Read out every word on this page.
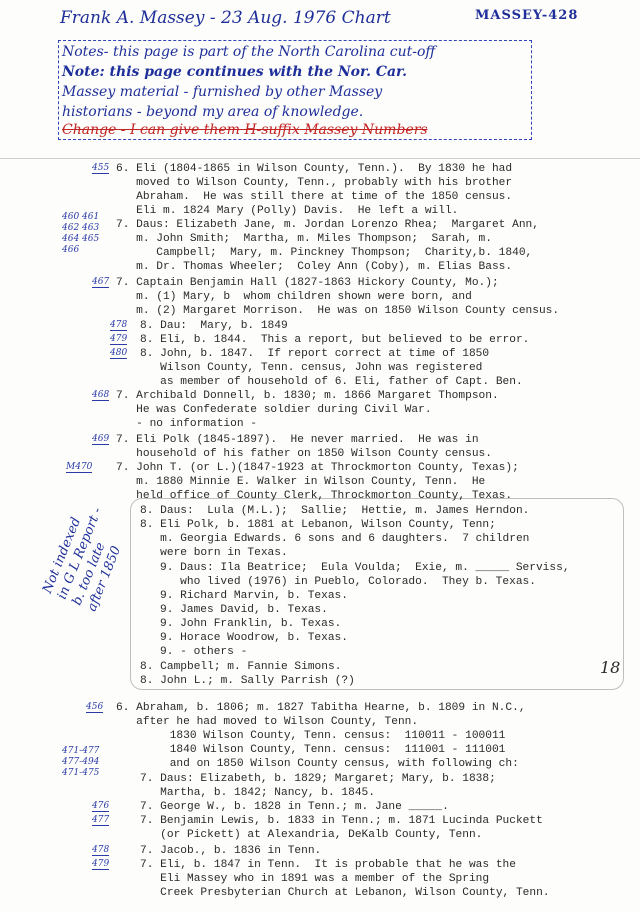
Frank A. Massey - 23 Aug. 1976 Chart	MASSEY-428
Notes- this page is part of the North Carolina cut-off
Note: this page continues with the Nor. Car.
Massey material - furnished by other Massey
historians - beyond my area of knowledge.
Change - I can give them H-suffix Massey Numbers
455
460 461
462 463
464 465
466
467
478
479
480
468
469
M470
456
471-477
477-494
471-475
476
477
478
479
Not indexed
in G L Report -
b. too late
after 1850
18
6. Eli (1804-1865 in Wilson County, Tenn.).  By 1830 he had
moved to Wilson County, Tenn., probably with his brother
Abraham.  He was still there at time of the 1850 census.
Eli m. 1824 Mary (Polly) Davis.  He left a will.
7. Daus: Elizabeth Jane, m. Jordan Lorenzo Rhea;  Margaret Ann,
m. John Smith;  Martha, m. Miles Thompson;  Sarah, m.
Campbell;  Mary, m. Pinckney Thompson;  Charity,b. 1840,
m. Dr. Thomas Wheeler;  Coley Ann (Coby), m. Elias Bass.
7. Captain Benjamin Hall (1827-1863 Hickory County, Mo.);
m. (1) Mary, b  whom children shown were born, and
m. (2) Margaret Morrison.  He was on 1850 Wilson County census.
8. Dau:  Mary, b. 1849
8. Eli, b. 1844.  This a report, but believed to be error.
8. John, b. 1847.  If report correct at time of 1850
Wilson County, Tenn. census, John was registered
as member of household of 6. Eli, father of Capt. Ben.
7. Archibald Donnell, b. 1830; m. 1866 Margaret Thompson.
He was Confederate soldier during Civil War.
- no information -
7. Eli Polk (1845-1897).  He never married.  He was in
household of his father on 1850 Wilson County census.
7. John T. (or L.)(1847-1923 at Throckmorton County, Texas);
m. 1880 Minnie E. Walker in Wilson County, Tenn.  He
held office of County Clerk, Throckmorton County, Texas.
8. Daus:  Lula (M.L.);  Sallie;  Hettie, m. James Herndon.
8. Eli Polk, b. 1881 at Lebanon, Wilson County, Tenn;
m. Georgia Edwards. 6 sons and 6 daughters.  7 children
were born in Texas.
9. Daus: Ila Beatrice;  Eula Voulda;  Exie, m. _____ Serviss,
who lived (1976) in Pueblo, Colorado.  They b. Texas.
9. Richard Marvin, b. Texas.
9. James David, b. Texas.
9. John Franklin, b. Texas.
9. Horace Woodrow, b. Texas.
9. - others -
8. Campbell; m. Fannie Simons.
8. John L.; m. Sally Parrish (?)
6. Abraham, b. 1806; m. 1827 Tabitha Hearne, b. 1809 in N.C.,
after he had moved to Wilson County, Tenn.
1830 Wilson County, Tenn. census:  110011 - 100011
1840 Wilson County, Tenn. census:  111001 - 111001
and on 1850 Wilson County census, with following ch:
7. Daus: Elizabeth, b. 1829; Margaret; Mary, b. 1838;
Martha, b. 1842; Nancy, b. 1845.
7. George W., b. 1828 in Tenn.; m. Jane _____.
7. Benjamin Lewis, b. 1833 in Tenn.; m. 1871 Lucinda Puckett
(or Pickett) at Alexandria, DeKalb County, Tenn.
7. Jacob., b. 1836 in Tenn.
7. Eli, b. 1847 in Tenn.  It is probable that he was the
Eli Massey who in 1891 was a member of the Spring
Creek Presbyterian Church at Lebanon, Wilson County, Tenn.
